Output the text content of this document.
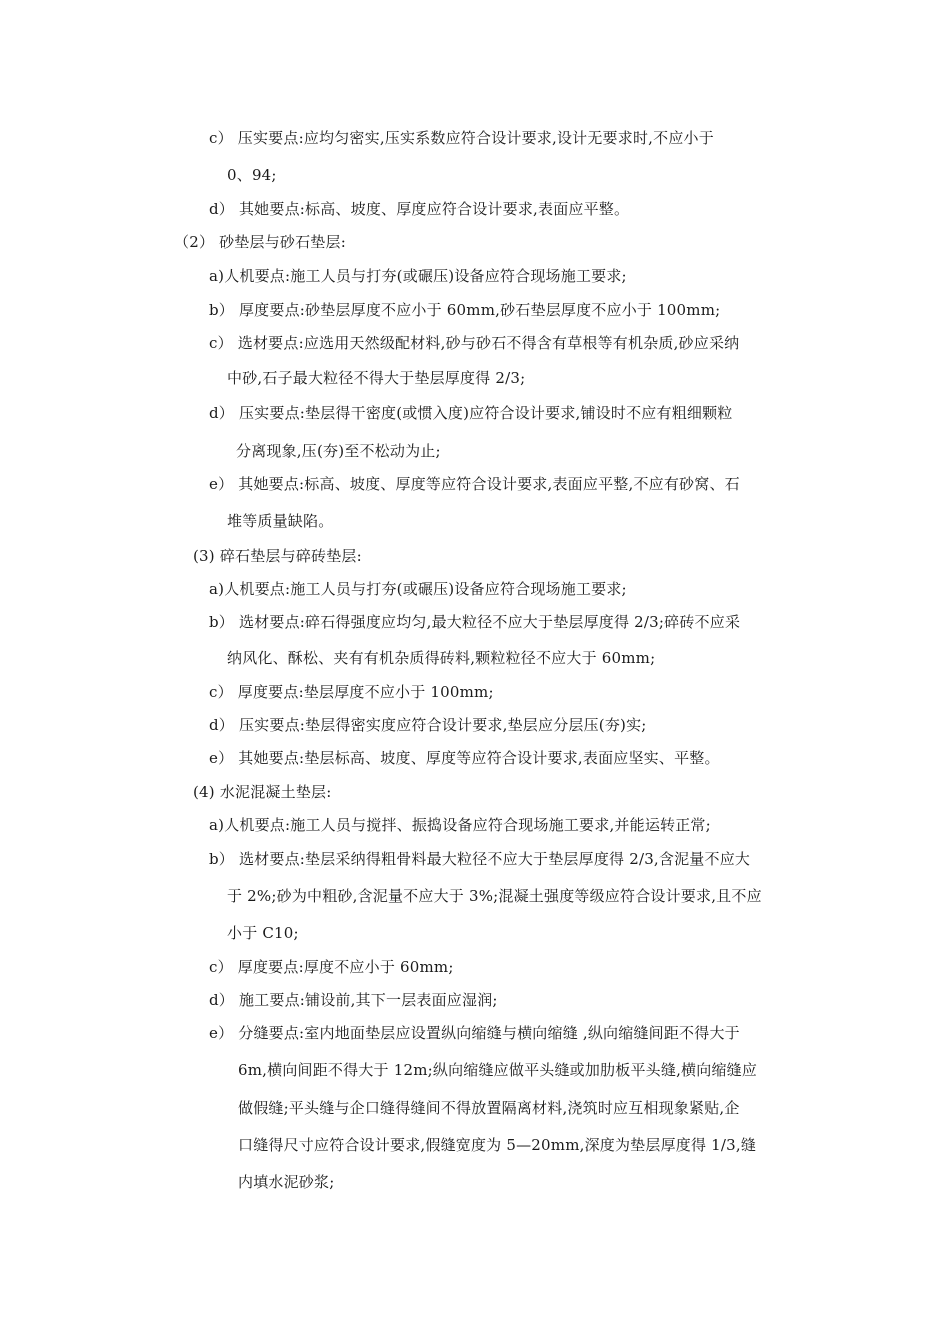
c） 压实要点:应均匀密实,压实系数应符合设计要求,设计无要求时,不应小于
0、94;
d） 其她要点:标高、坡度、厚度应符合设计要求,表面应平整。
（2） 砂垫层与砂石垫层:
a)人机要点:施工人员与打夯(或碾压)设备应符合现场施工要求;
b） 厚度要点:砂垫层厚度不应小于 60mm,砂石垫层厚度不应小于 100mm;
c） 选材要点:应选用天然级配材料,砂与砂石不得含有草根等有机杂质,砂应采纳
中砂,石子最大粒径不得大于垫层厚度得 2/3;
d） 压实要点:垫层得干密度(或惯入度)应符合设计要求,铺设时不应有粗细颗粒
分离现象,压(夯)至不松动为止;
e） 其她要点:标高、坡度、厚度等应符合设计要求,表面应平整,不应有砂窝、石
堆等质量缺陷。
(3) 碎石垫层与碎砖垫层:
a)人机要点:施工人员与打夯(或碾压)设备应符合现场施工要求;
b） 选材要点:碎石得强度应均匀,最大粒径不应大于垫层厚度得 2/3;碎砖不应采
纳风化、酥松、夹有有机杂质得砖料,颗粒粒径不应大于 60mm;
c） 厚度要点:垫层厚度不应小于 100mm;
d） 压实要点:垫层得密实度应符合设计要求,垫层应分层压(夯)实;
e） 其她要点:垫层标高、坡度、厚度等应符合设计要求,表面应坚实、平整。
(4) 水泥混凝土垫层:
a)人机要点:施工人员与搅拌、振捣设备应符合现场施工要求,并能运转正常;
b） 选材要点:垫层采纳得粗骨料最大粒径不应大于垫层厚度得 2/3,含泥量不应大
于 2%;砂为中粗砂,含泥量不应大于 3%;混凝土强度等级应符合设计要求,且不应
小于 C10;
c） 厚度要点:厚度不应小于 60mm;
d） 施工要点:铺设前,其下一层表面应湿润;
e） 分缝要点:室内地面垫层应设置纵向缩缝与横向缩缝 ,纵向缩缝间距不得大于
6m,横向间距不得大于 12m;纵向缩缝应做平头缝或加肋板平头缝,横向缩缝应
做假缝;平头缝与企口缝得缝间不得放置隔离材料,浇筑时应互相现象紧贴,企
口缝得尺寸应符合设计要求,假缝宽度为 5—20mm,深度为垫层厚度得 1/3,缝
内填水泥砂浆;
